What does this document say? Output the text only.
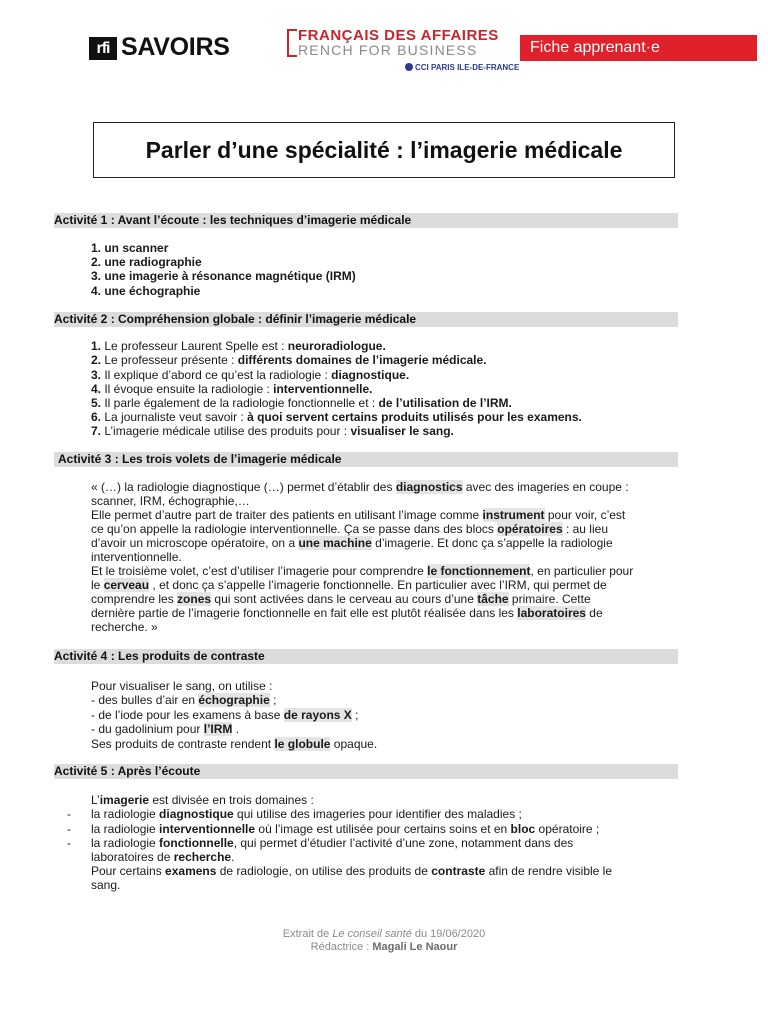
rfi SAVOIRS	FRANÇAIS DES AFFAIRES
RENCH FOR BUSINESS
CCI PARIS ILE-DE-FRANCE
Fiche apprenant·e
Parler d’une spécialité : l’imagerie médicale
Activité 1 : Avant l’écoute : les techniques d’imagerie médicale
1. un scanner
2. une radiographie
3. une imagerie à résonance magnétique (IRM)
4. une échographie
Activité 2 : Compréhension globale : définir l’imagerie médicale
1. Le professeur Laurent Spelle est : neuroradiologue.
2. Le professeur présente : différents domaines de l’imagerie médicale.
3. Il explique d’abord ce qu’est la radiologie : diagnostique.
4. Il évoque ensuite la radiologie : interventionnelle.
5. Il parle également de la radiologie fonctionnelle et : de l’utilisation de l’IRM.
6. La journaliste veut savoir : à quoi servent certains produits utilisés pour les examens.
7. L’imagerie médicale utilise des produits pour : visualiser le sang.
Activité 3 : Les trois volets de l’imagerie médicale
« (…) la radiologie diagnostique (…) permet d’établir des diagnostics avec des imageries en coupe :
scanner, IRM, échographie,…
Elle permet d’autre part de traiter des patients en utilisant l’image comme instrument pour voir, c’est
ce qu’on appelle la radiologie interventionnelle. Ça se passe dans des blocs opératoires : au lieu
d’avoir un microscope opératoire, on a une machine d’imagerie. Et donc ça s’appelle la radiologie
interventionnelle.
Et le troisième volet, c’est d’utiliser l’imagerie pour comprendre le fonctionnement, en particulier pour
le cerveau , et donc ça s’appelle l’imagerie fonctionnelle. En particulier avec l’IRM, qui permet de
comprendre les zones qui sont activées dans le cerveau au cours d’une tâche primaire. Cette
dernière partie de l’imagerie fonctionnelle en fait elle est plutôt réalisée dans les laboratoires de
recherche. »
Activité 4 : Les produits de contraste
Pour visualiser le sang, on utilise :
- des bulles d’air en échographie ;
- de l’iode pour les examens à base de rayons X ;
- du gadolinium pour l’IRM .
Ses produits de contraste rendent le globule opaque.
Activité 5 : Après l’écoute
L’imagerie est divisée en trois domaines :
- la radiologie diagnostique qui utilise des imageries pour identifier des maladies ;
- la radiologie interventionnelle où l’image est utilisée pour certains soins et en bloc opératoire ;
- la radiologie fonctionnelle, qui permet d’étudier l’activité d’une zone, notamment dans des
laboratoires de recherche.
Pour certains examens de radiologie, on utilise des produits de contraste afin de rendre visible le
sang.
Extrait de Le conseil santé du 19/06/2020
Rédactrice : Magali Le Naour
